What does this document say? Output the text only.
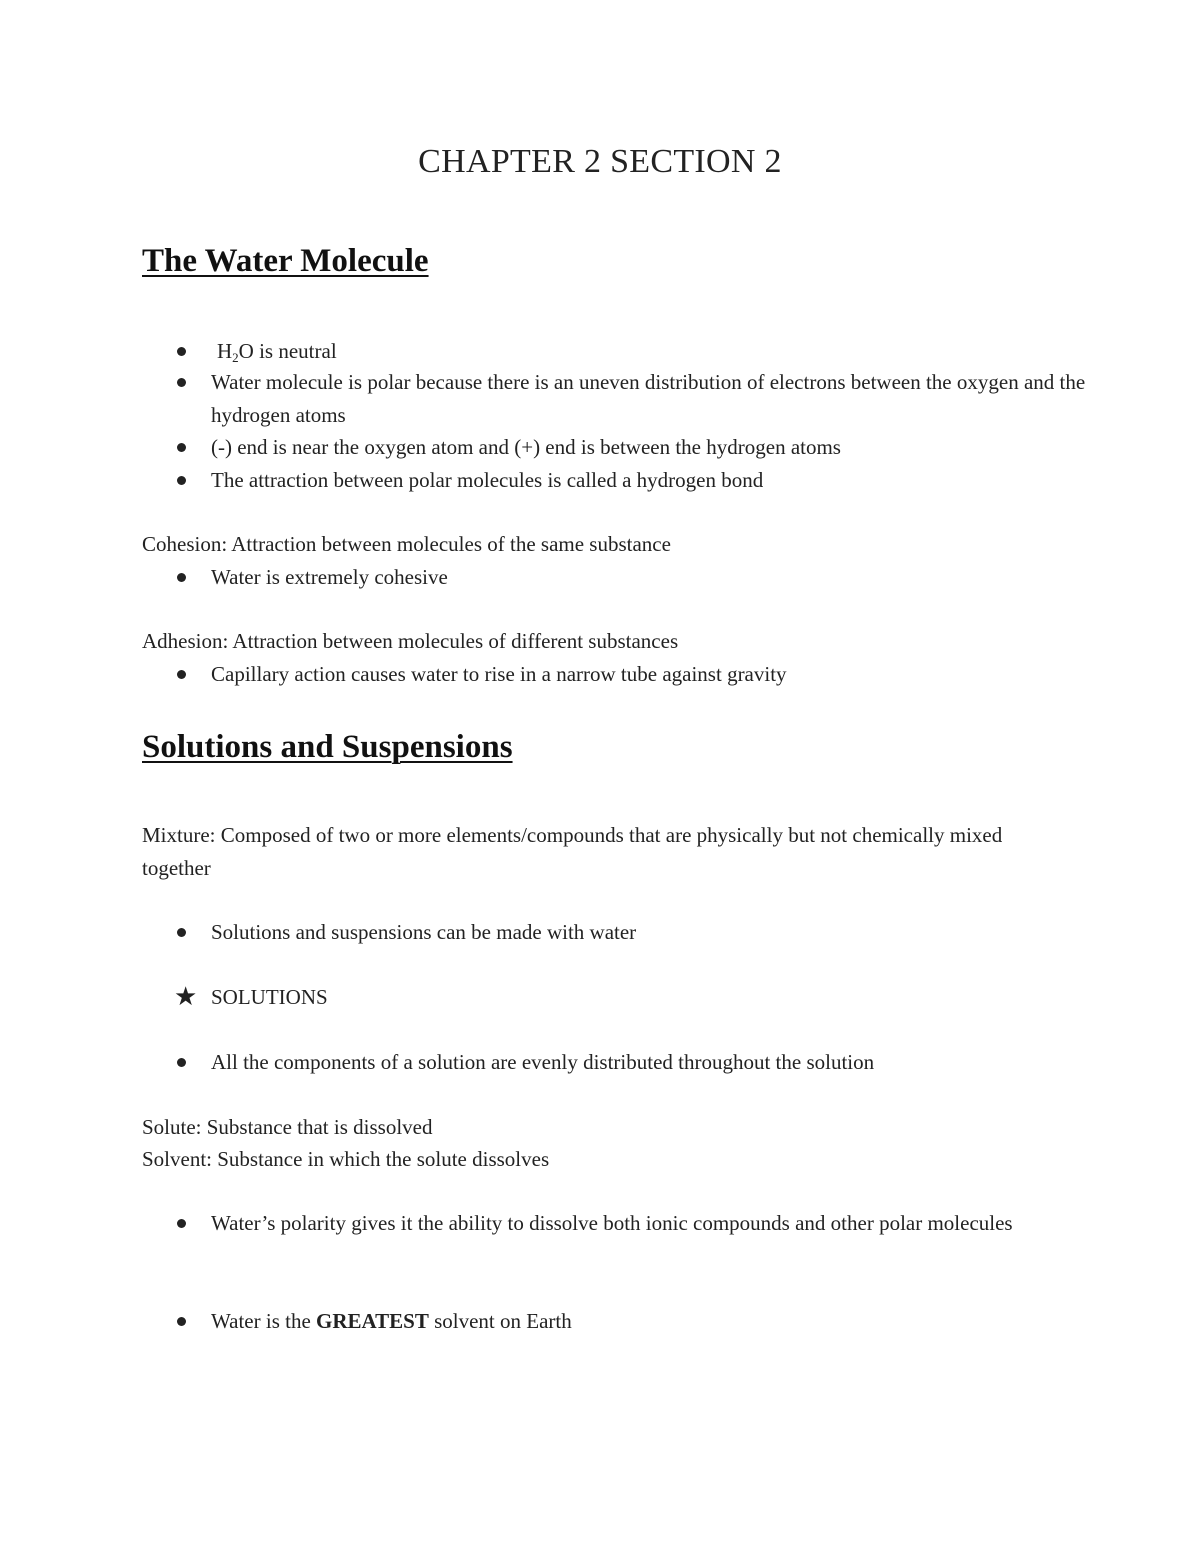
CHAPTER 2 SECTION 2
The Water Molecule
$H_2O$ is neutral
Water molecule is polar because there is an uneven distribution of electrons between the oxygen and the hydrogen atoms
(-) end is near the oxygen atom and (+) end is between the hydrogen atoms
The attraction between polar molecules is called a hydrogen bond
Cohesion: Attraction between molecules of the same substance
Water is extremely cohesive
Adhesion: Attraction between molecules of different substances
Capillary action causes water to rise in a narrow tube against gravity
Solutions and Suspensions
Mixture: Composed of two or more elements/compounds that are physically but not chemically mixed together
Solutions and suspensions can be made with water
★ SOLUTIONS
All the components of a solution are evenly distributed throughout the solution
Solute: Substance that is dissolved
Solvent: Substance in which the solute dissolves
Water’s polarity gives it the ability to dissolve both ionic compounds and other polar molecules
Water is the GREATEST solvent on Earth
